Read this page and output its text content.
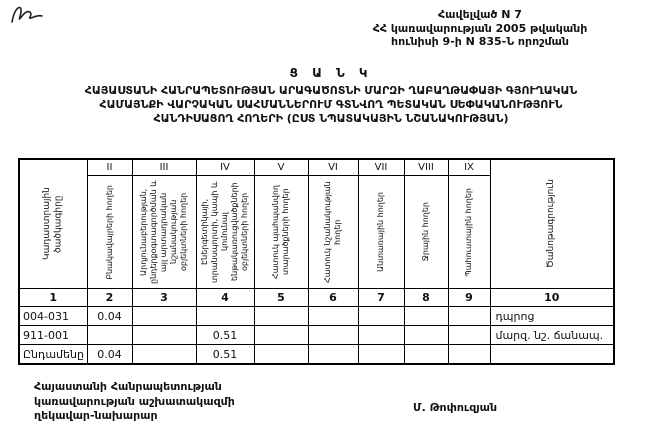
Հավելված N 7
ՀՀ կառավարության 2005 թվականի
հունիսի 9-ի N 835-Ն որոշման
Ց Ա Ն Կ
ՀԱՅԱՍՏԱՆԻ ՀԱՆՐԱՊԵՏՈՒԹՅԱՆ ԱՐԱԳԱԾՈՏՆԻ ՄԱՐԶԻ ՂԱԲԱՂԹԱՓԱՅԻ ԳՅՈՒՂԱԿԱՆ
ՀԱՄԱՅՆՔԻ ՎԱՐՉԱԿԱՆ ՍԱՀՄԱՆՆԵՐՈՒՄ ԳՏՆՎՈՂ ՊԵՏԱԿԱՆ ՍԵՓԱԿԱՆՈՒԹՅՈՒՆ
ՀԱՆԴԻՍԱՑՈՂ ՀՈՂԵՐԻ (ԸՍՏ ՆՊԱՏԱԿԱՅԻՆ ՆՇԱՆԱԿՈՒԹՅԱՆ)
Կադաստրային ծածկագիրը	II	III	IV	V	VI	VII	VIII	IX	Ծանոթագրություն

	Բնակավայրերի հողեր	Արդյունաբերության, ընդերքօգտագործման և այլ արտադրական նշանակության օբյեկտների հողեր	Էներգետիկայի, տրանսպորտի, կապի և կոմունալ ենթակառուցվածքների օբյեկտների հողեր	Հատուկ պահպանվող տարածքների հողեր	Հատուկ նշանակության հողեր	Անտառային հողեր	Ջրային հողեր	Պահուստային հողեր	

1	2	3	4	5	6	7	8	9	10
004-031	0.04								դպրոց
911-001			0.51						մարզ. նշ. ճանապ.
Ընդամենը	0.04		0.51						
Հայաստանի Հանրապետության
կառավարության աշխատակազմի
ղեկավար-նախարար
Մ. Թոփուզյան
